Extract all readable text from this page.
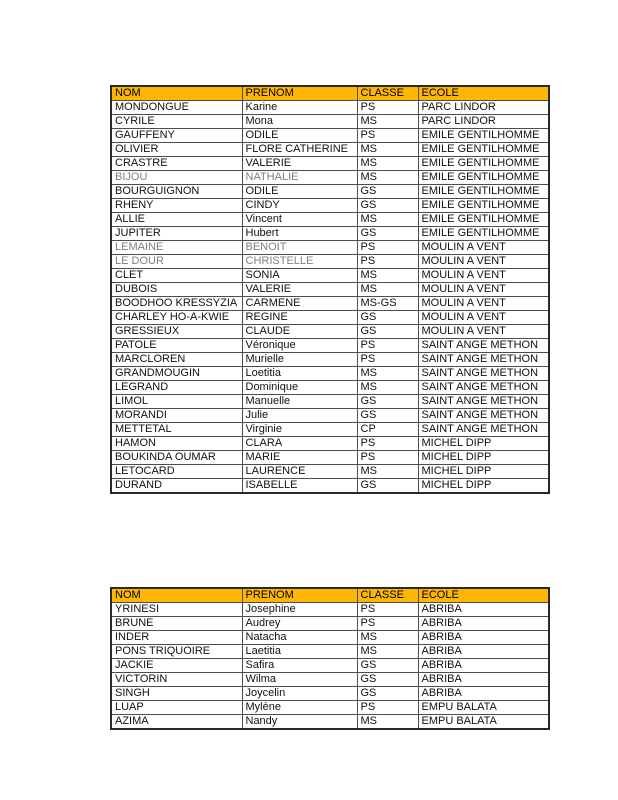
NOM	PRENOM	CLASSE	ECOLE
MONDONGUE	Karine	PS	PARC LINDOR
CYRILE	Mona	MS	PARC LINDOR
GAUFFENY	ODILE	PS	EMILE GENTILHOMME
OLIVIER	FLORE CATHERINE	MS	EMILE GENTILHOMME
CRASTRE	VALERIE	MS	EMILE GENTILHOMME
BIJOU	NATHALIE	MS	EMILE GENTILHOMME
BOURGUIGNON	ODILE	GS	EMILE GENTILHOMME
RHENY	CINDY	GS	EMILE GENTILHOMME
ALLIE	Vincent	MS	EMILE GENTILHOMME
JUPITER	Hubert	GS	EMILE GENTILHOMME
LEMAINE	BENOIT	PS	MOULIN A VENT
LE DOUR	CHRISTELLE	PS	MOULIN A VENT
CLET	SONIA	MS	MOULIN A VENT
DUBOIS	VALERIE	MS	MOULIN A VENT
BOODHOO KRESSYZIA	CARMENE	MS-GS	MOULIN A VENT
CHARLEY HO-A-KWIE	REGINE	GS	MOULIN A VENT
GRESSIEUX	CLAUDE	GS	MOULIN A VENT
PATOLE	Véronique	PS	SAINT ANGE METHON
MARCLOREN	Murielle	PS	SAINT ANGE METHON
GRANDMOUGIN	Loetitia	MS	SAINT ANGE METHON
LEGRAND	Dominique	MS	SAINT ANGE METHON
LIMOL	Manuelle	GS	SAINT ANGE METHON
MORANDI	Julie	GS	SAINT ANGE METHON
METTETAL	Virginie	CP	SAINT ANGE METHON
HAMON	CLARA	PS	MICHEL DIPP
BOUKINDA OUMAR	MARIE	PS	MICHEL DIPP
LETOCARD	LAURENCE	MS	MICHEL DIPP
DURAND	ISABELLE	GS	MICHEL DIPP
NOM	PRENOM	CLASSE	ECOLE
YRINESI	Josephine	PS	ABRIBA
BRUNE	Audrey	PS	ABRIBA
INDER	Natacha	MS	ABRIBA
PONS TRIQUOIRE	Laetitia	MS	ABRIBA
JACKIE	Safira	GS	ABRIBA
VICTORIN	Wilma	GS	ABRIBA
SINGH	Joycelin	GS	ABRIBA
LUAP	Mylène	PS	EMPU BALATA
AZIMA	Nandy	MS	EMPU BALATA
